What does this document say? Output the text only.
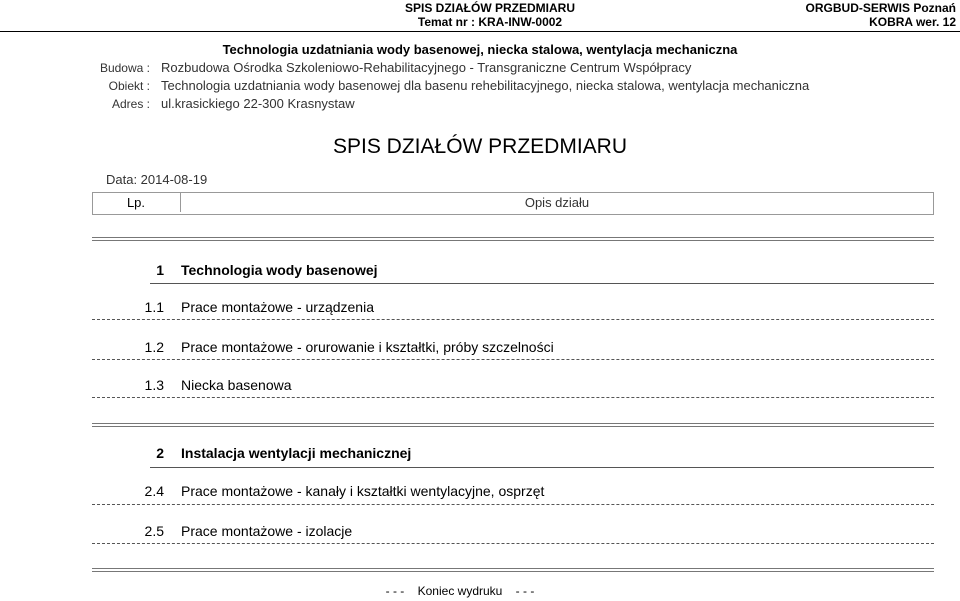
SPIS DZIAŁÓW PRZEDMIARU
Temat nr : KRA-INW-0002
ORGBUD-SERWIS Poznań
KOBRA wer. 12
Technologia uzdatniania wody basenowej, niecka stalowa, wentylacja mechaniczna
Budowa : Rozbudowa Ośrodka Szkoleniowo-Rehabilitacyjnego - Transgraniczne Centrum Współpracy
Obiekt : Technologia uzdatniania wody basenowej dla basenu rehebilitacyjnego, niecka stalowa, wentylacja mechaniczna
Adres : ul.krasickiego 22-300 Krasnystaw
SPIS DZIAŁÓW PRZEDMIARU
Data: 2014-08-19
Lp.	Opis działu
1 Technologia wody basenowej
1.1 Prace montażowe - urządzenia
1.2 Prace montażowe - orurowanie i kształtki, próby szczelności
1.3 Niecka basenowa
2 Instalacja wentylacji mechanicznej
2.4 Prace montażowe - kanały i kształtki wentylacyjne, osprzęt
2.5 Prace montażowe - izolacje
- - -    Koniec wydruku    - - -
